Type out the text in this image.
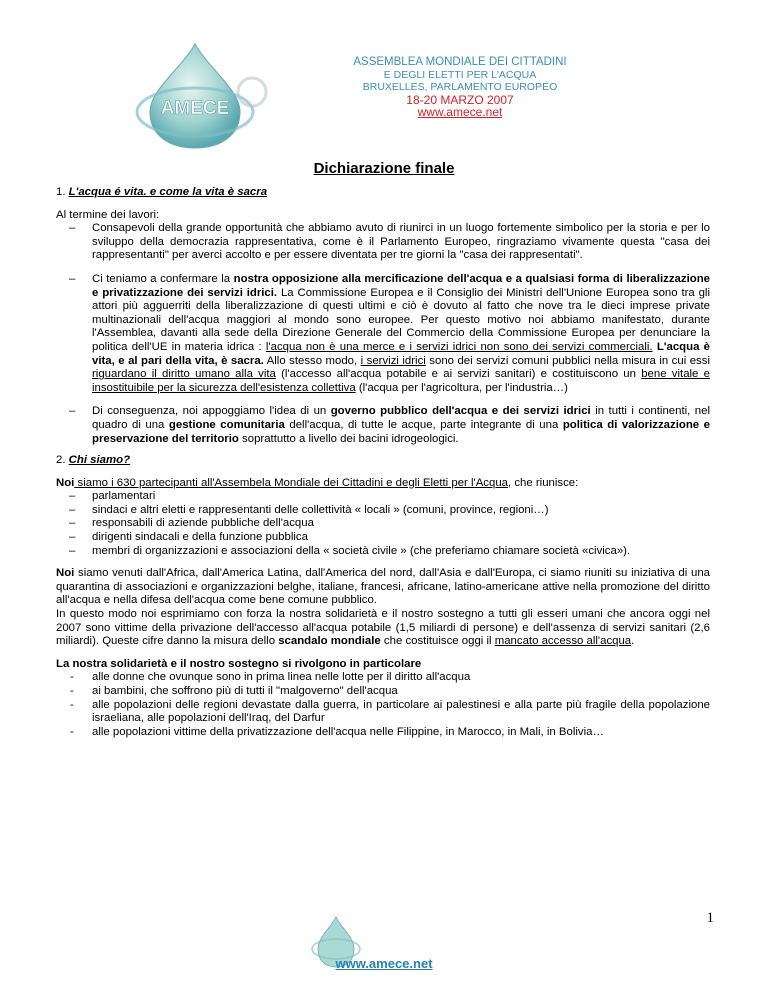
AMECE
ASSEMBLEA MONDIALE DEI CITTADINI
E DEGLI ELETTI PER L'ACQUA
BRUXELLES, PARLAMENTO EUROPEO
18-20 MARZO 2007
www.amece.net
Dichiarazione finale

1. L'acqua é vita. e come la vita è sacra

Al termine dei lavori:

– Consapevoli della grande opportunità che abbiamo avuto di riunirci in un luogo fortemente simbolico per la storia e per lo sviluppo della democrazia rappresentativa, come è il Parlamento Europeo, ringraziamo vivamente questa "casa dei rappresentanti" per averci accolto e per essere diventata per tre giorni la "casa dei rappresentati".
– Ci teniamo a confermare la nostra opposizione alla mercificazione dell'acqua e a qualsiasi forma di liberalizzazione e privatizzazione dei servizi idrici. La Commissione Europea e il Consiglio dei Ministri dell'Unione Europea sono tra gli attori più agguerriti della liberalizzazione di questi ultimi e ciò è dovuto al fatto che nove tra le dieci imprese private multinazionali dell'acqua maggiori al mondo sono europee. Per questo motivo noi abbiamo manifestato, durante l'Assemblea, davanti alla sede della Direzione Generale del Commercio della Commissione Europea per denunciare la politica dell'UE in materia idrica : l'acqua non è una merce e i servizi idrici non sono dei servizi commerciali. L'acqua è vita, e al pari della vita, è sacra. Allo stesso modo, i servizi idrici sono dei servizi comuni pubblici nella misura in cui essi riguardano il diritto umano alla vita (l'accesso all'acqua potabile e ai servizi sanitari) e costituiscono un bene vitale e insostituibile per la sicurezza dell'esistenza collettiva (l'acqua per l'agricoltura, per l'industria…)
– Di conseguenza, noi appoggiamo l'idea di un governo pubblico dell'acqua e dei servizi idrici in tutti i continenti, nel quadro di una gestione comunitaria dell'acqua, di tutte le acque, parte integrante di una politica di valorizzazione e preservazione del territorio soprattutto a livello dei bacini idrogeologici.

2. Chi siamo?

Noi siamo i 630 partecipanti all'Assembela Mondiale dei Cittadini e degli Eletti per l'Acqua, che riunisce:

– parlamentari
– sindaci e altri eletti e rappresentanti delle collettività « locali » (comuni, province, regioni…)
– responsabili di aziende pubbliche dell'acqua
– dirigenti sindacali e della funzione pubblica
– membri di organizzazioni e associazioni della « società civile » (che preferiamo chiamare società «civica»).

Noi siamo venuti dall'Africa, dall'America Latina, dall'America del nord, dall'Asia e dall'Europa, ci siamo riuniti su iniziativa di una quarantina di associazioni e organizzazioni belghe, italiane, francesi, africane, latino-americane attive nella promozione del diritto all'acqua e nella difesa dell'acqua come bene comune pubblico.

In questo modo noi esprimiamo con forza la nostra solidarietà e il nostro sostegno a tutti gli esseri umani che ancora oggi nel 2007 sono vittime della privazione dell'accesso all'acqua potabile (1,5 miliardi di persone) e dell'assenza di servizi sanitari (2,6 miliardi). Queste cifre danno la misura dello scandalo mondiale che costituisce oggi il mancato accesso all'acqua.

La nostra solidarietà e il nostro sostegno si rivolgono in particolare

- alle donne che ovunque sono in prima linea nelle lotte per il diritto all'acqua
- ai bambini, che soffrono più di tutti il "malgoverno" dell'acqua
- alle popolazioni delle regioni devastate dalla guerra, in particolare ai palestinesi e alla parte più fragile della popolazione israeliana, alle popolazioni dell'Iraq, del Darfur
- alle popolazioni vittime della privatizzazione dell'acqua nelle Filippine, in Marocco, in Mali, in Bolivia…
1
www.amece.net
